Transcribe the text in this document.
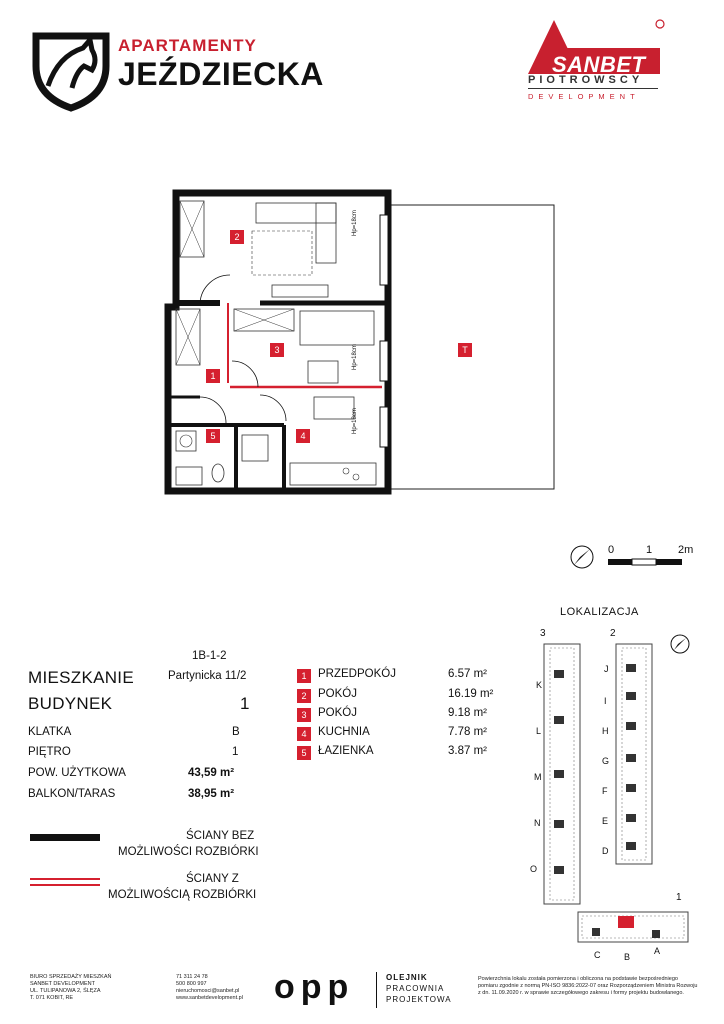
APARTAMENTY
JEŹDZIECKA	SANBET
PIOTROWSCY
DEVELOPMENT
2
3
1
4
5
T
Hp=18cm
Hp=18cm
Hp=18cm
0	1 2m
1B-1-2
Partynicka 11/2
MIESZKANIE
BUDYNEK	1
KLATKA	B
PIĘTRO	1
POW. UŻYTKOWA	43,59 m²
BALKON/TARAS	38,95 m²
1	PRZEDPOKÓJ	6.57 m²
2	POKÓJ	16.19 m²
3	POKÓJ	9.18 m²
4	KUCHNIA	7.78 m²
5	ŁAZIENKA	3.87 m²
ŚCIANY BEZ
MOŻLIWOŚCI ROZBIÓRKI
ŚCIANY Z
MOŻLIWOŚCIĄ ROZBIÓRKI
LOKALIZACJA
3	2
1
K
L
M
N
O
J
I
H
G
F
E
D
C	B
A
BIURO SPRZEDAŻY MIESZKAŃ
SANBET DEVELOPMENT
UL. TULIPANOWA 2, ŚLĘZA
T. 071 KOBIT, RE
71 311 24 78
500 800 997
nieruchomosci@sanbet.pl
www.sanbetdevelopment.pl opp	OLEJNIK
PRACOWNIA
PROJEKTOWA
Powierzchnia lokalu została pomierzona i obliczona na podstawie bezpośredniego
pomiaru zgodnie z normą PN-ISO 9836:2022-07 oraz Rozporządzeniem Ministra Rozwoju
z dn. 11.09.2020 r. w sprawie szczegółowego zakresu i formy projektu budowlanego.
